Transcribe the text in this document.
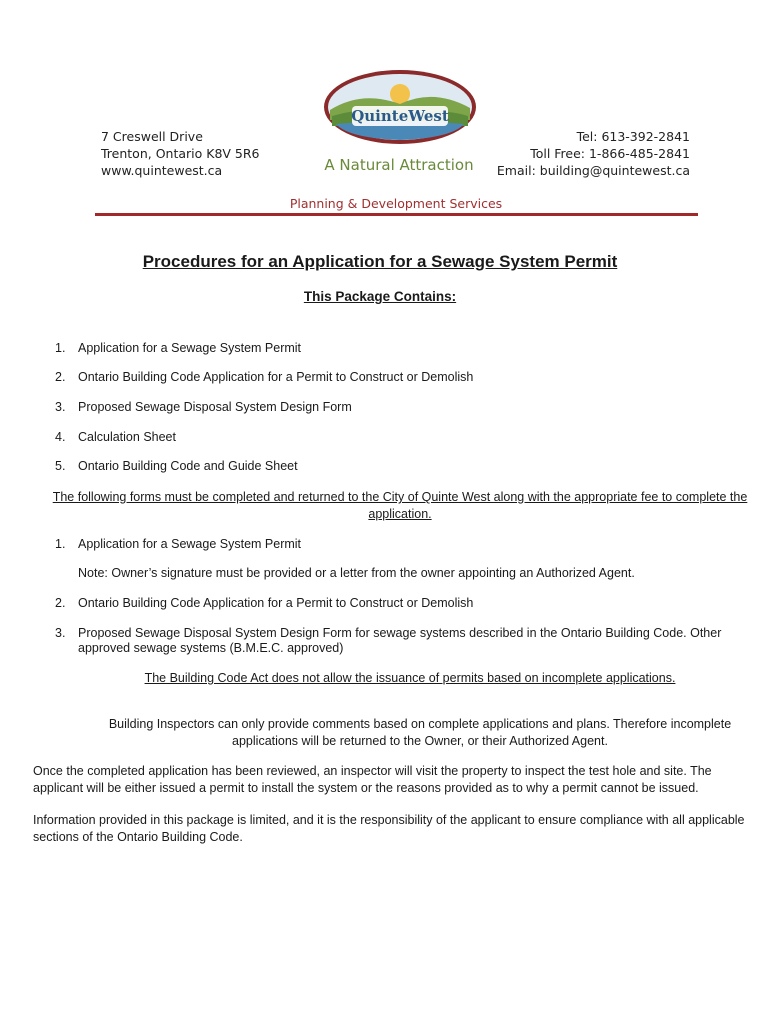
7 Creswell Drive
Trenton, Ontario K8V 5R6
www.quintewest.ca
QuinteWest
A Natural Attraction
Tel: 613-392-2841
Toll Free: 1-866-485-2841
Email: building@quintewest.ca
Planning & Development Services
Procedures for an Application for a Sewage System Permit
This Package Contains:
1. Application for a Sewage System Permit
2. Ontario Building Code Application for a Permit to Construct or Demolish
3. Proposed Sewage Disposal System Design Form
4. Calculation Sheet
5. Ontario Building Code and Guide Sheet
The following forms must be completed and returned to the City of Quinte West along with the appropriate fee to complete the
application.
1. Application for a Sewage System Permit
Note: Owner’s signature must be provided or a letter from the owner appointing an Authorized Agent.
2. Ontario Building Code Application for a Permit to Construct or Demolish
3. Proposed Sewage Disposal System Design Form for sewage systems described in the Ontario Building Code. Other approved sewage systems (B.M.E.C. approved)
The Building Code Act does not allow the issuance of permits based on incomplete applications.
Building Inspectors can only provide comments based on complete applications and plans. Therefore incomplete
applications will be returned to the Owner, or their Authorized Agent.
Once the completed application has been reviewed, an inspector will visit the property to inspect the test hole and site. The applicant will be either issued a permit to install the system or the reasons provided as to why a permit cannot be issued.
Information provided in this package is limited, and it is the responsibility of the applicant to ensure compliance with all applicable sections of the Ontario Building Code.
